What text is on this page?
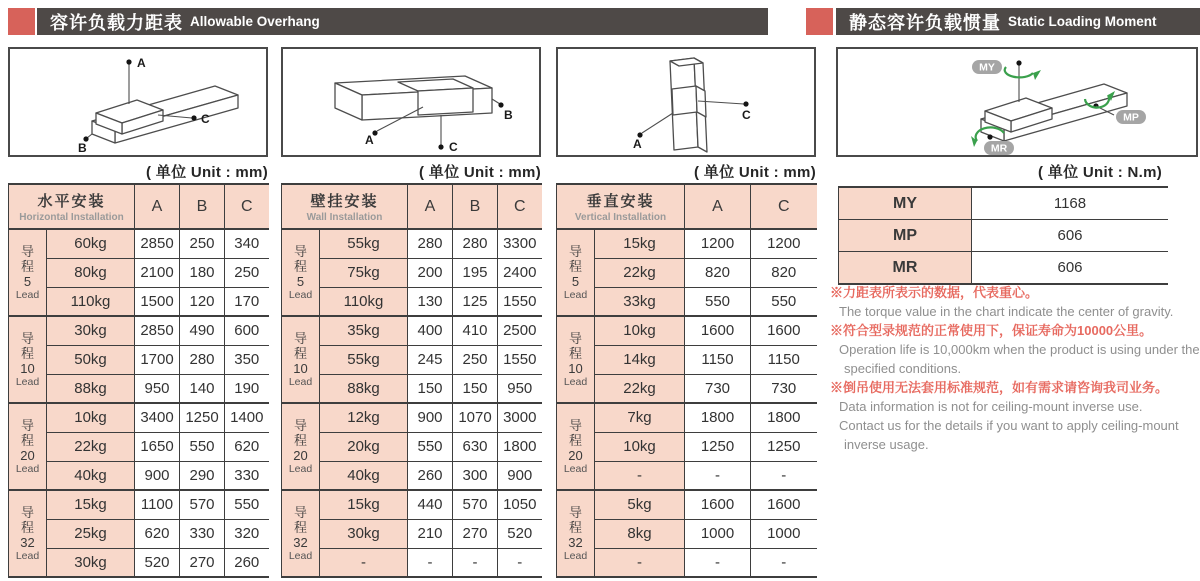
容许负载力距表 Allowable Overhang	静态容许负载惯量 Static Loading Moment
A
B
C
A
B
C	A
C
MY
MP
MR
( 单位 Unit : mm)	( 单位 Unit : mm)	( 单位 Unit : mm)	( 单位 Unit : N.m)
水平安装
Horizontal Installation		A	B	C

导
程
5
Lead	60kg	2850	250	340
	80kg	2100	180	250
	110kg	1500	120	170

导
程
10
Lead	30kg	2850	490	600
	50kg	1700	280	350
	88kg	950	140	190

导
程
20
Lead	10kg	3400	1250	1400
	22kg	1650	550	620
	40kg	900	290	330

导
程
32
Lead	15kg	1100	570	550
	25kg	620	330	320
	30kg	520	270	260
壁挂安装
Wall Installation		A	B	C

导
程
5
Lead	55kg	280	280	3300
	75kg	200	195	2400
	110kg	130	125	1550

导
程
10
Lead	35kg	400	410	2500
	55kg	245	250	1550
	88kg	150	150	950

导
程
20
Lead	12kg	900	1070	3000
	20kg	550	630	1800
	40kg	260	300	900

导
程
32
Lead	15kg	440	570	1050
	30kg	210	270	520
	-	-	-	-
垂直安装
Vertical Installation		A	C

导
程
5
Lead	15kg	1200	1200
	22kg	820	820
	33kg	550	550

导
程
10
Lead	10kg	1600	1600
	14kg	1150	1150
	22kg	730	730

导
程
20
Lead	7kg	1800	1800
	10kg	1250	1250
	-	-	-

导
程
32
Lead	5kg	1600	1600
	8kg	1000	1000
	-	-	-
MY	1168
MP	606
MR	606
※力距表所表示的数据，代表重心。
The torque value in the chart indicate the center of gravity.
※符合型录规范的正常使用下，保证寿命为10000公里。
Operation life is 10,000km when the product is using under the
specified conditions.
※倒吊使用无法套用标准规范，如有需求请咨询我司业务。
Data information is not for ceiling-mount inverse use.
Contact us for the details if you want to apply ceiling-mount
inverse usage.
